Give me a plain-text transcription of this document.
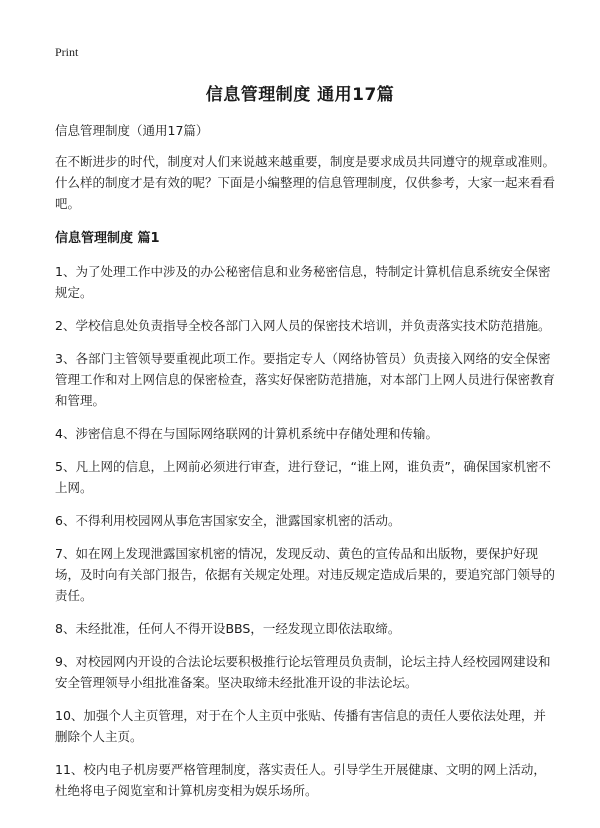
Print
信息管理制度 通用17篇

信息管理制度（通用17篇）

在不断进步的时代，制度对人们来说越来越重要，制度是要求成员共同遵守的规章或准则。什么样的制度才是有效的呢？下面是小编整理的信息管理制度，仅供参考，大家一起来看看吧。

信息管理制度 篇1
1、为了处理工作中涉及的办公秘密信息和业务秘密信息，特制定计算机信息系统安全保密规定。
2、学校信息处负责指导全校各部门入网人员的保密技术培训，并负责落实技术防范措施。
3、各部门主管领导要重视此项工作。要指定专人（网络协管员）负责接入网络的安全保密管理工作和对上网信息的保密检查，落实好保密防范措施，对本部门上网人员进行保密教育和管理。
4、涉密信息不得在与国际网络联网的计算机系统中存储处理和传输。
5、凡上网的信息，上网前必须进行审查，进行登记，“谁上网，谁负责”，确保国家机密不上网。
6、不得利用校园网从事危害国家安全，泄露国家机密的活动。
7、如在网上发现泄露国家机密的情况，发现反动、黄色的宣传品和出版物，要保护好现场，及时向有关部门报告，依据有关规定处理。对违反规定造成后果的，要追究部门领导的责任。
8、未经批准，任何人不得开设BBS，一经发现立即依法取缔。
9、对校园网内开设的合法论坛要积极推行论坛管理员负责制，论坛主持人经校园网建设和安全管理领导小组批准备案。坚决取缔未经批准开设的非法论坛。
10、加强个人主页管理，对于在个人主页中张贴、传播有害信息的责任人要依法处理，并删除个人主页。
11、校内电子机房要严格管理制度，落实责任人。引导学生开展健康、文明的网上活动，杜绝将电子阅览室和计算机房变相为娱乐场所。
